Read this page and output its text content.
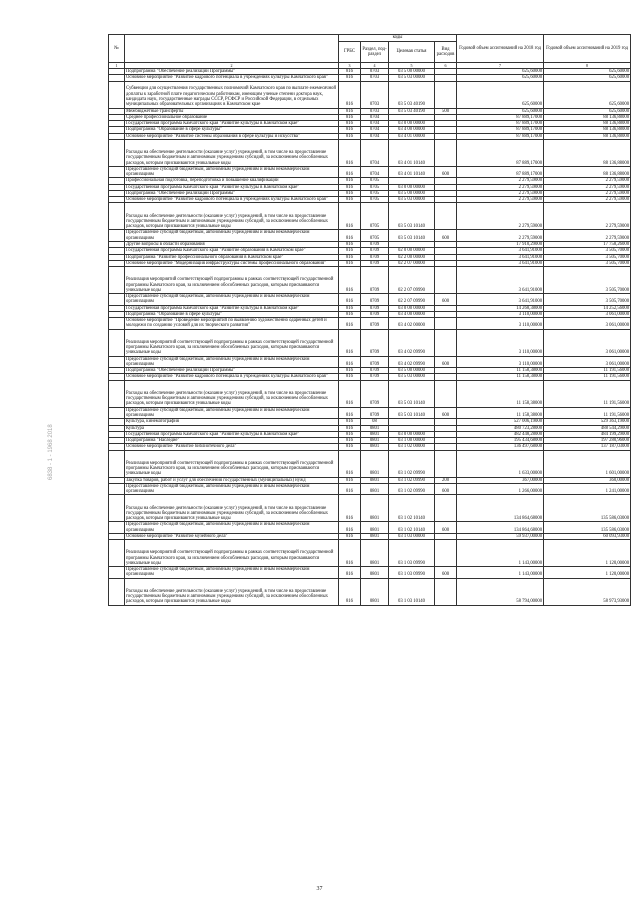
№		коды				Годовой объем ассигнований на 2018 год	Годовой объем ассигнований на 2019 год
		ГРБС	Раздел, под-раздел	Целевая статья	Вид расходов		
1	2	3	4	5	6	7	8
	Подпрограмма "Обеспечение реализации Программы"	816	0703	03 5 00 00000		625,60000	625,60000
	Основное мероприятие "Развитие кадрового потенциала в учреждениях культуры Камчатского края"	816	0703	03 5 03 00000		625,60000	625,60000
	Субвенции для осуществления государственных полномочий Камчатского края по выплате ежемесячной доплаты к заработной плате педагогическим работникам, имеющим ученые степени доктора наук, кандидата наук, государственные награды СССР, РСФСР и Российской Федерации, в отдельных муниципальных образовательных организациях в Камчатском крае	816	0703	03 5 03 40190		625,60000	625,60000
	Межбюджетные трансферты	816	0703	03 5 03 40190	500	625,60000	625,60000
	Среднее профессиональное образование	816	0704			87 889,17000	88 136,88000
	Государственная программа Камчатского края "Развитие культуры в Камчатском крае"	816	0704	03 0 00 00000		87 889,17000	88 136,88000
	Подпрограмма "Образование в сфере культуры"	816	0704	03 4 00 00000		87 889,17000	88 136,88000
	Основное мероприятие "Развитие системы образования в сфере культуры и искусства"	816	0704	03 4 01 00000		87 889,17000	88 136,88000
	Расходы на обеспечение деятельности (оказание услуг) учреждений, в том числе на предоставление государственным бюджетным и автономным учреждениям субсидий, за исключением обособленных расходов, которым присваиваются уникальные коды	816	0704	03 4 01 10140		87 889,17000	88 136,88000
	Предоставление субсидий бюджетным, автономным учреждениям и иным некоммерческим организациям	816	0704	03 4 01 10140	600	87 889,17000	88 136,88000
	Профессиональная подготовка, переподготовка и повышение квалификации	816	0705			2 279,59000	2 279,59000
	Государственная программа Камчатского края "Развитие культуры в Камчатском крае"	816	0705	03 0 00 00000		2 279,59000	2 279,59000
	Подпрограмма "Обеспечение реализации Программы"	816	0705	03 5 00 00000		2 279,59000	2 279,59000
	Основное мероприятие "Развитие кадрового потенциала в учреждениях культуры Камчатского края"	816	0705	03 5 03 00000		2 279,59000	2 279,59000
	Расходы на обеспечение деятельности (оказание услуг) учреждений, в том числе на предоставление государственным бюджетным и автономным учреждениям субсидий, за исключением обособленных расходов, которым присваиваются уникальные коды	816	0705	03 5 03 10140		2 279,59000	2 279,59000
	Предоставление субсидий бюджетным, автономным учреждениям и иным некоммерческим организациям	816	0705	03 5 03 10140	600	2 279,59000	2 279,59000
	Другие вопросы в области образования	816	0709			17 910,29000	17 758,26000
	Государственная программа Камчатского края "Развитие образования в Камчатском крае"	816	0709	02 0 00 00000		3 641,91000	3 505,70000
	Подпрограмма "Развитие профессионального образования в Камчатском крае"	816	0709	02 2 00 00000		3 641,91000	3 505,70000
	Основное мероприятие "Модернизация инфраструктуры системы профессионального образования"	816	0709	02 2 07 00000		3 641,91000	3 505,70000
	Реализация мероприятий соответствующей подпрограммы в рамках соответствующей государственной программы Камчатского края, за исключением обособленных расходов, которым присваиваются уникальные коды	816	0709	02 2 07 09990		3 641,91000	3 505,70000
	Предоставление субсидий бюджетным, автономным учреждениям и иным некоммерческим организациям	816	0709	02 2 07 09990	600	3 641,91000	3 505,70000
	Государственная программа Камчатского края "Развитие культуры в Камчатском крае"	816	0709	03 0 00 00000		14 268,38000	14 252,56000
	Подпрограмма "Образование в сфере культуры"	816	0709	03 4 00 00000		3 110,00000	3 061,00000
	Основное мероприятие "Проведение мероприятий по выявлению художественно одаренных детей и молодежи по созданию условий для их творческого развития"	816	0709	03 4 02 00000		3 110,00000	3 061,00000
	Реализация мероприятий соответствующей подпрограммы в рамках соответствующей государственной программы Камчатского края, за исключением обособленных расходов, которым присваиваются уникальные коды	816	0709	03 4 02 09990		3 110,00000	3 061,00000
	Предоставление субсидий бюджетным, автономным учреждениям и иным некоммерческим организациям	816	0709	03 4 02 09990	600	3 110,00000	3 061,00000
	Подпрограмма "Обеспечение реализации Программы"	816	0709	03 5 00 00000		11 158,38000	11 191,56000
	Основное мероприятие "Развитие кадрового потенциала в учреждениях культуры Камчатского края"	816	0709	03 5 03 00000		11 158,38000	11 191,56000
	Расходы на обеспечение деятельности (оказание услуг) учреждений, в том числе на предоставление государственным бюджетным и автономным учреждениям субсидий, за исключением обособленных расходов, которым присваиваются уникальные коды	816	0709	03 5 03 10140		11 158,38000	11 191,56000
	Предоставление субсидий бюджетным, автономным учреждениям и иным некоммерческим организациям	816	0709	03 5 03 10140	600	11 158,38000	11 191,56000
	Культура, кинематография	816	08			527 006,19000	529 363,19000
	Культура	816	0801			480 723,28000	488 544,29000
	Государственная программа Камчатского края "Развитие культуры в Камчатском крае"	816	0801	03 0 00 00000		482 448,28000	484 199,29000
	Подпрограмма "Наследие"	816	0801	03 1 00 00000		195 434,68000	197 280,96000
	Основное мероприятие "Развитие библиотечного дела"	816	0801	03 1 02 00000		136 497,68000	137 187,03000
	Реализация мероприятий соответствующей подпрограммы в рамках соответствующей государственной программы Камчатского края, за исключением обособленных расходов, которым присваиваются уникальные коды	816	0801	03 1 02 09990		1 633,00000	1 601,00000
	Закупка товаров, работ и услуг для обеспечения государственных (муниципальных) нужд	816	0801	03 1 02 09990	200	367,00000	360,00000
	Предоставление субсидий бюджетным, автономным учреждениям и иным некоммерческим организациям	816	0801	03 1 02 09990	600	1 266,00000	1 241,00000
	Расходы на обеспечение деятельности (оказание услуг) учреждений, в том числе на предоставление государственным бюджетным и автономным учреждениям субсидий, за исключением обособленных расходов, которым присваиваются уникальные коды	816	0801	03 1 02 10140		134 864,68000	135 586,03000
	Предоставление субсидий бюджетным, автономным учреждениям и иным некоммерческим организациям	816	0801	03 1 02 10140	600	134 864,68000	135 586,03000
	Основное мероприятие "Развитие музейного дела"	816	0801	03 1 03 00000		59 937,00000	60 093,93000
	Реализация мероприятий соответствующей подпрограммы в рамках соответствующей государственной программы Камчатского края, за исключением обособленных расходов, которым присваиваются уникальные коды	816	0801	03 1 03 09990		1 143,00000	1 120,00000
	Предоставление субсидий бюджетным, автономным учреждениям и иным некоммерческим организациям	816	0801	03 1 03 09990	600	1 143,00000	1 120,00000
	Расходы на обеспечение деятельности (оказание услуг) учреждений, в том числе на предоставление государственным бюджетным и автономным учреждениям субсидий, за исключением обособленных расходов, которым присваиваются уникальные коды	816	0801	03 1 03 10140		58 794,00000	58 973,93000
37
6838 - 1 - 1968 2018
